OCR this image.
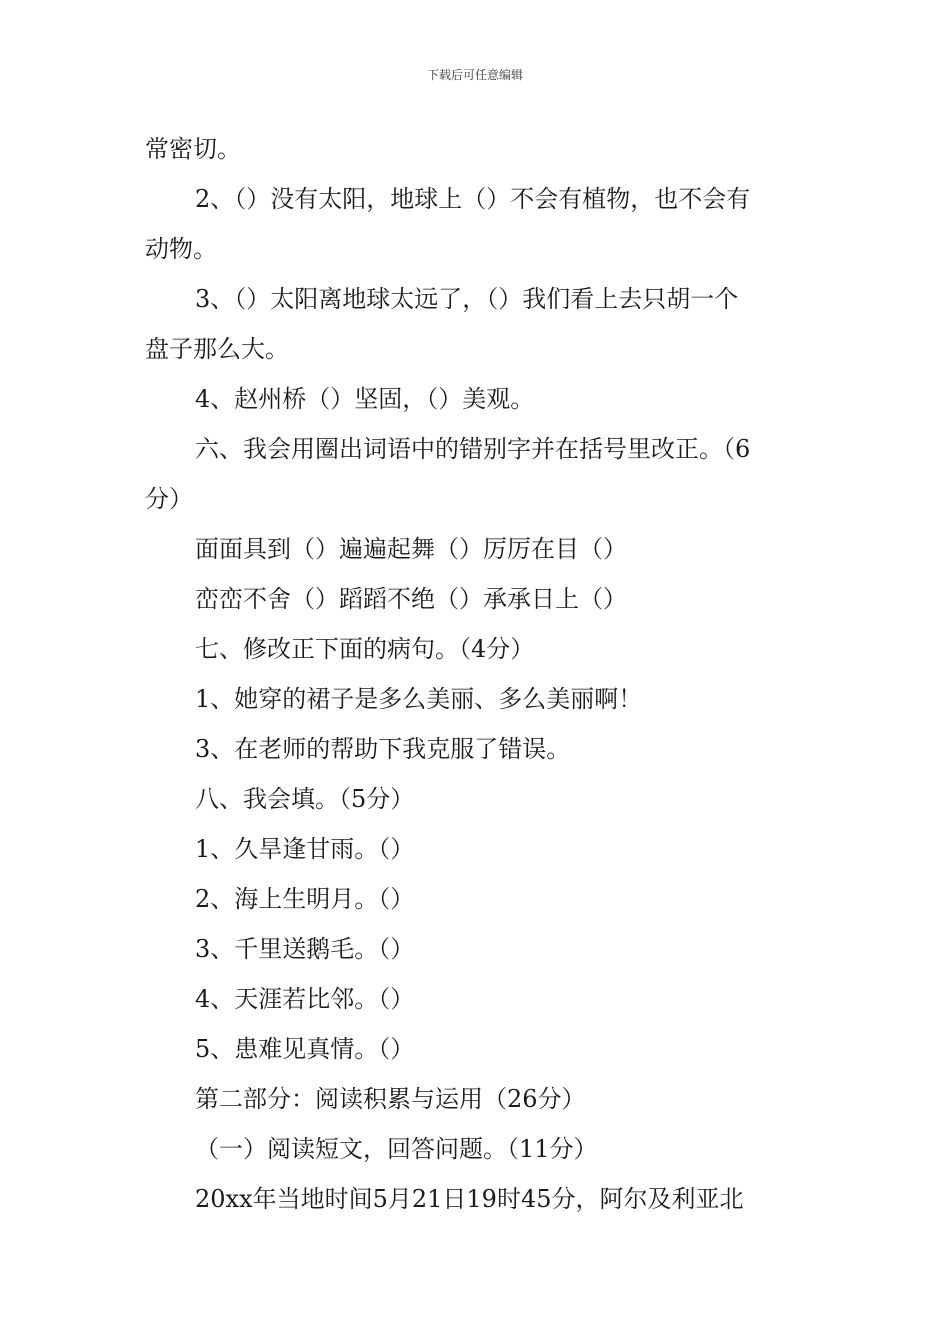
下载后可任意编辑
常密切。
2、（）没有太阳，地球上（）不会有植物，也不会有
动物。
3、（）太阳离地球太远了，（）我们看上去只胡一个
盘子那么大。
4、赵州桥（）坚固，（）美观。
六、我会用圈出词语中的错别字并在括号里改正。（6
分）
面面具到（）遍遍起舞（）厉厉在目（）
峦峦不舍（）蹈蹈不绝（）承承日上（）
七、修改正下面的病句。（4分）
1、她穿的裙子是多么美丽、多么美丽啊！
3、在老师的帮助下我克服了错误。
八、我会填。（5分）
1、久旱逢甘雨。（）
2、海上生明月。（）
3、千里送鹅毛。（）
4、天涯若比邻。（）
5、患难见真情。（）
第二部分：阅读积累与运用（26分）
（一）阅读短文，回答问题。（11分）
20xx年当地时间5月21日19时45分，阿尔及利亚北
